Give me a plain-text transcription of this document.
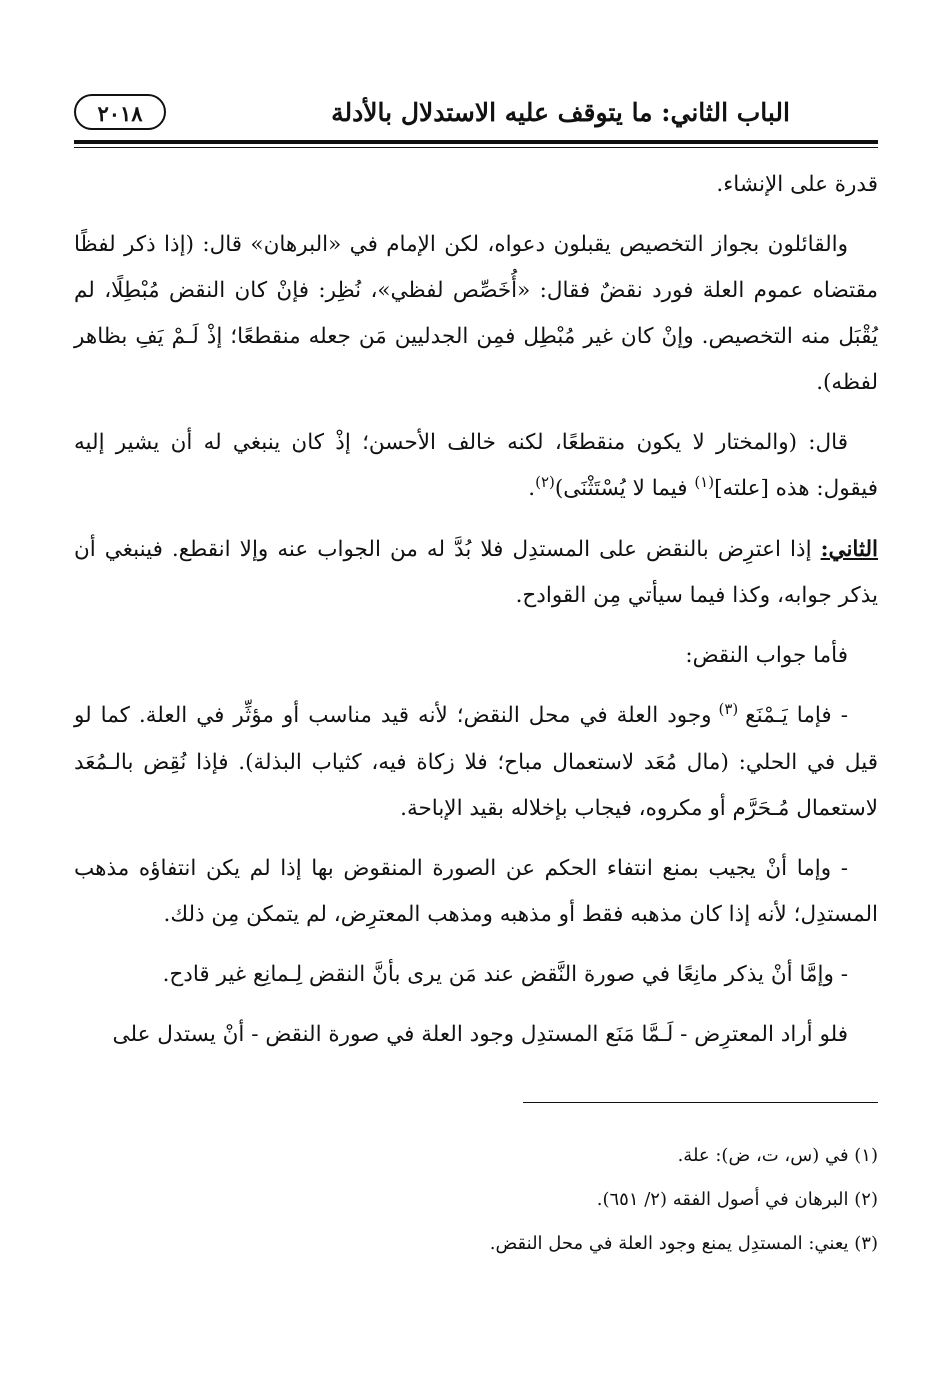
الباب الثاني: ما يتوقف عليه الاستدلال بالأدلة
٢٠١٨

قدرة على الإنشاء.

والقائلون بجواز التخصيص يقبلون دعواه، لكن الإمام في «البرهان» قال: (إذا ذكر لفظًا مقتضاه عموم العلة فورد نقضٌ فقال: «أُخَصِّص لفظي»، نُظِر: فإنْ كان النقض مُبْطِلًا، لم يُقْبَل منه التخصيص. وإنْ كان غير مُبْطِل فمِن الجدليين مَن جعله منقطعًا؛ إذْ لَـمْ يَفِ بظاهر لفظه).

قال: (والمختار لا يكون منقطعًا، لكنه خالف الأحسن؛ إذْ كان ينبغي له أن يشير إليه فيقول: هذه [علته]$^{(١)}$ فيما لا يُسْتَثْنَى)$^{(٢)}$.

الثاني: إذا اعترِض بالنقض على المستدِل فلا بُدَّ له من الجواب عنه وإلا انقطع. فينبغي أن يذكر جوابه، وكذا فيما سيأتي مِن القوادح.

فأما جواب النقض:

- فإما يَـمْنَع $^{(٣)}$ وجود العلة في محل النقض؛ لأنه قيد مناسب أو مؤثِّر في العلة. كما لو قيل في الحلي: (مال مُعَد لاستعمال مباح؛ فلا زكاة فيه، كثياب البذلة). فإذا نُقِض بالـمُعَد لاستعمال مُـحَرَّم أو مكروه، فيجاب بإخلاله بقيد الإباحة.

- وإما أنْ يجيب بمنع انتفاء الحكم عن الصورة المنقوض بها إذا لم يكن انتفاؤه مذهب المستدِل؛ لأنه إذا كان مذهبه فقط أو مذهبه ومذهب المعترِض، لم يتمكن مِن ذلك.

- وإمَّا أنْ يذكر مانِعًا في صورة النَّقض عند مَن يرى بأنَّ النقض لِـمانِع غير قادح.

فلو أراد المعترِض - لَـمَّا مَنَع المستدِل وجود العلة في صورة النقض - أنْ يستدل على

(١) في (س، ت، ض): علة.
(٢) البرهان في أصول الفقه (٢/ ٦٥١).
(٣) يعني: المستدِل يمنع وجود العلة في محل النقض.
